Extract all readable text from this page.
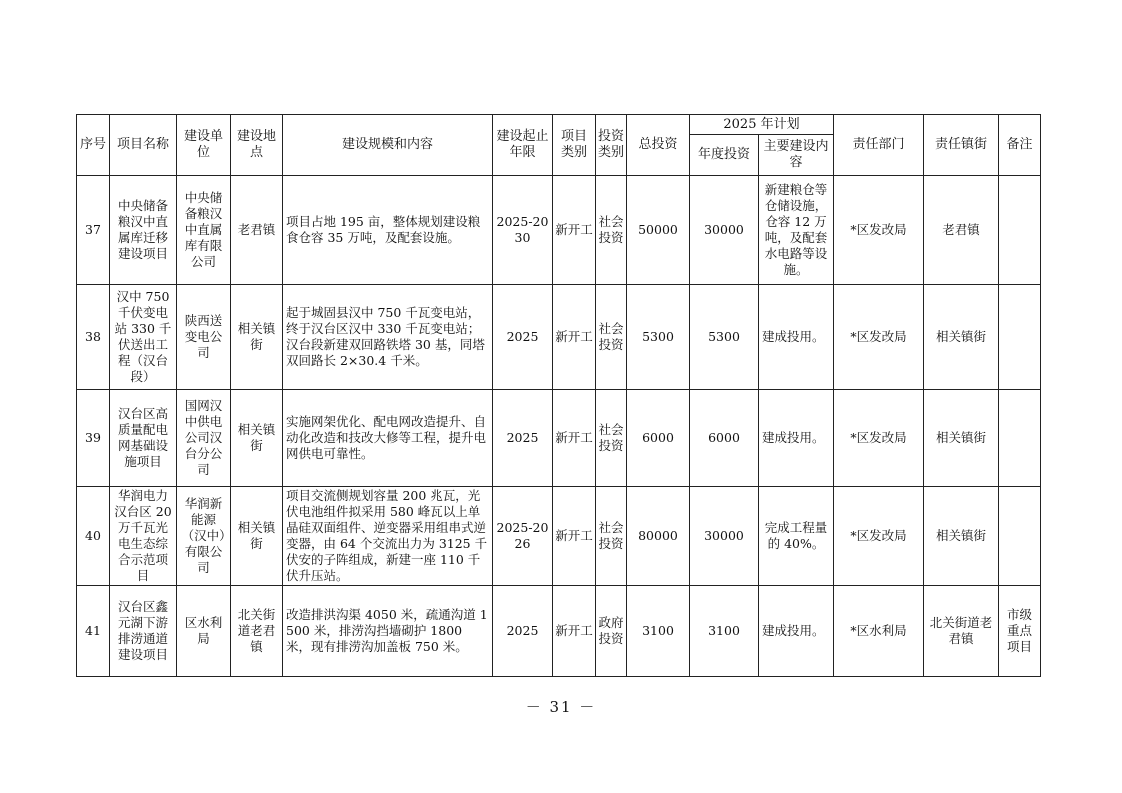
序号	项目名称	建设单位	建设地点	建设规模和内容	建设起止年限	项目类别	投资类别	总投资	2025 年计划		责任部门	责任镇街	备注
									年度投资	主要建设内容			
37	中央储备粮汉中直属库迁移建设项目	中央储备粮汉中直属库有限公司	老君镇	项目占地 195 亩，整体规划建设粮食仓容 35 万吨，及配套设施。	2025-2030	新开工	社会投资	50000	30000	新建粮仓等仓储设施，仓容 12 万吨，及配套水电路等设施。	*区发改局	老君镇	
38	汉中 750 千伏变电站 330 千伏送出工程（汉台段）	陕西送变电公司	相关镇街	起于城固县汉中 750 千瓦变电站，终于汉台区汉中 330 千瓦变电站；汉台段新建双回路铁塔 30 基，同塔双回路长 2×30.4 千米。	2025	新开工	社会投资	5300	5300	建成投用。	*区发改局	相关镇街	
39	汉台区高质量配电网基础设施项目	国网汉中供电公司汉台分公司	相关镇街	实施网架优化、配电网改造提升、自动化改造和技改大修等工程，提升电网供电可靠性。	2025	新开工	社会投资	6000	6000	建成投用。	*区发改局	相关镇街	
40	华润电力汉台区 20 万千瓦光电生态综合示范项目	华润新能源（汉中）有限公司	相关镇街	项目交流侧规划容量 200 兆瓦，光伏电池组件拟采用 580 峰瓦以上单晶硅双面组件、逆变器采用组串式逆变器，由 64 个交流出力为 3125 千伏安的子阵组成，新建一座 110 千伏升压站。	2025-2026	新开工	社会投资	80000	30000	完成工程量的 40%。	*区发改局	相关镇街	
41	汉台区鑫元湖下游排涝通道建设项目	区水利局	北关街道老君镇	改造排洪沟渠 4050 米，疏通沟道 1500 米，排涝沟挡墙砌护 1800 米，现有排涝沟加盖板 750 米。	2025	新开工	政府投资	3100	3100	建成投用。	*区水利局	北关街道老君镇	市级重点项目
－ 31 －
